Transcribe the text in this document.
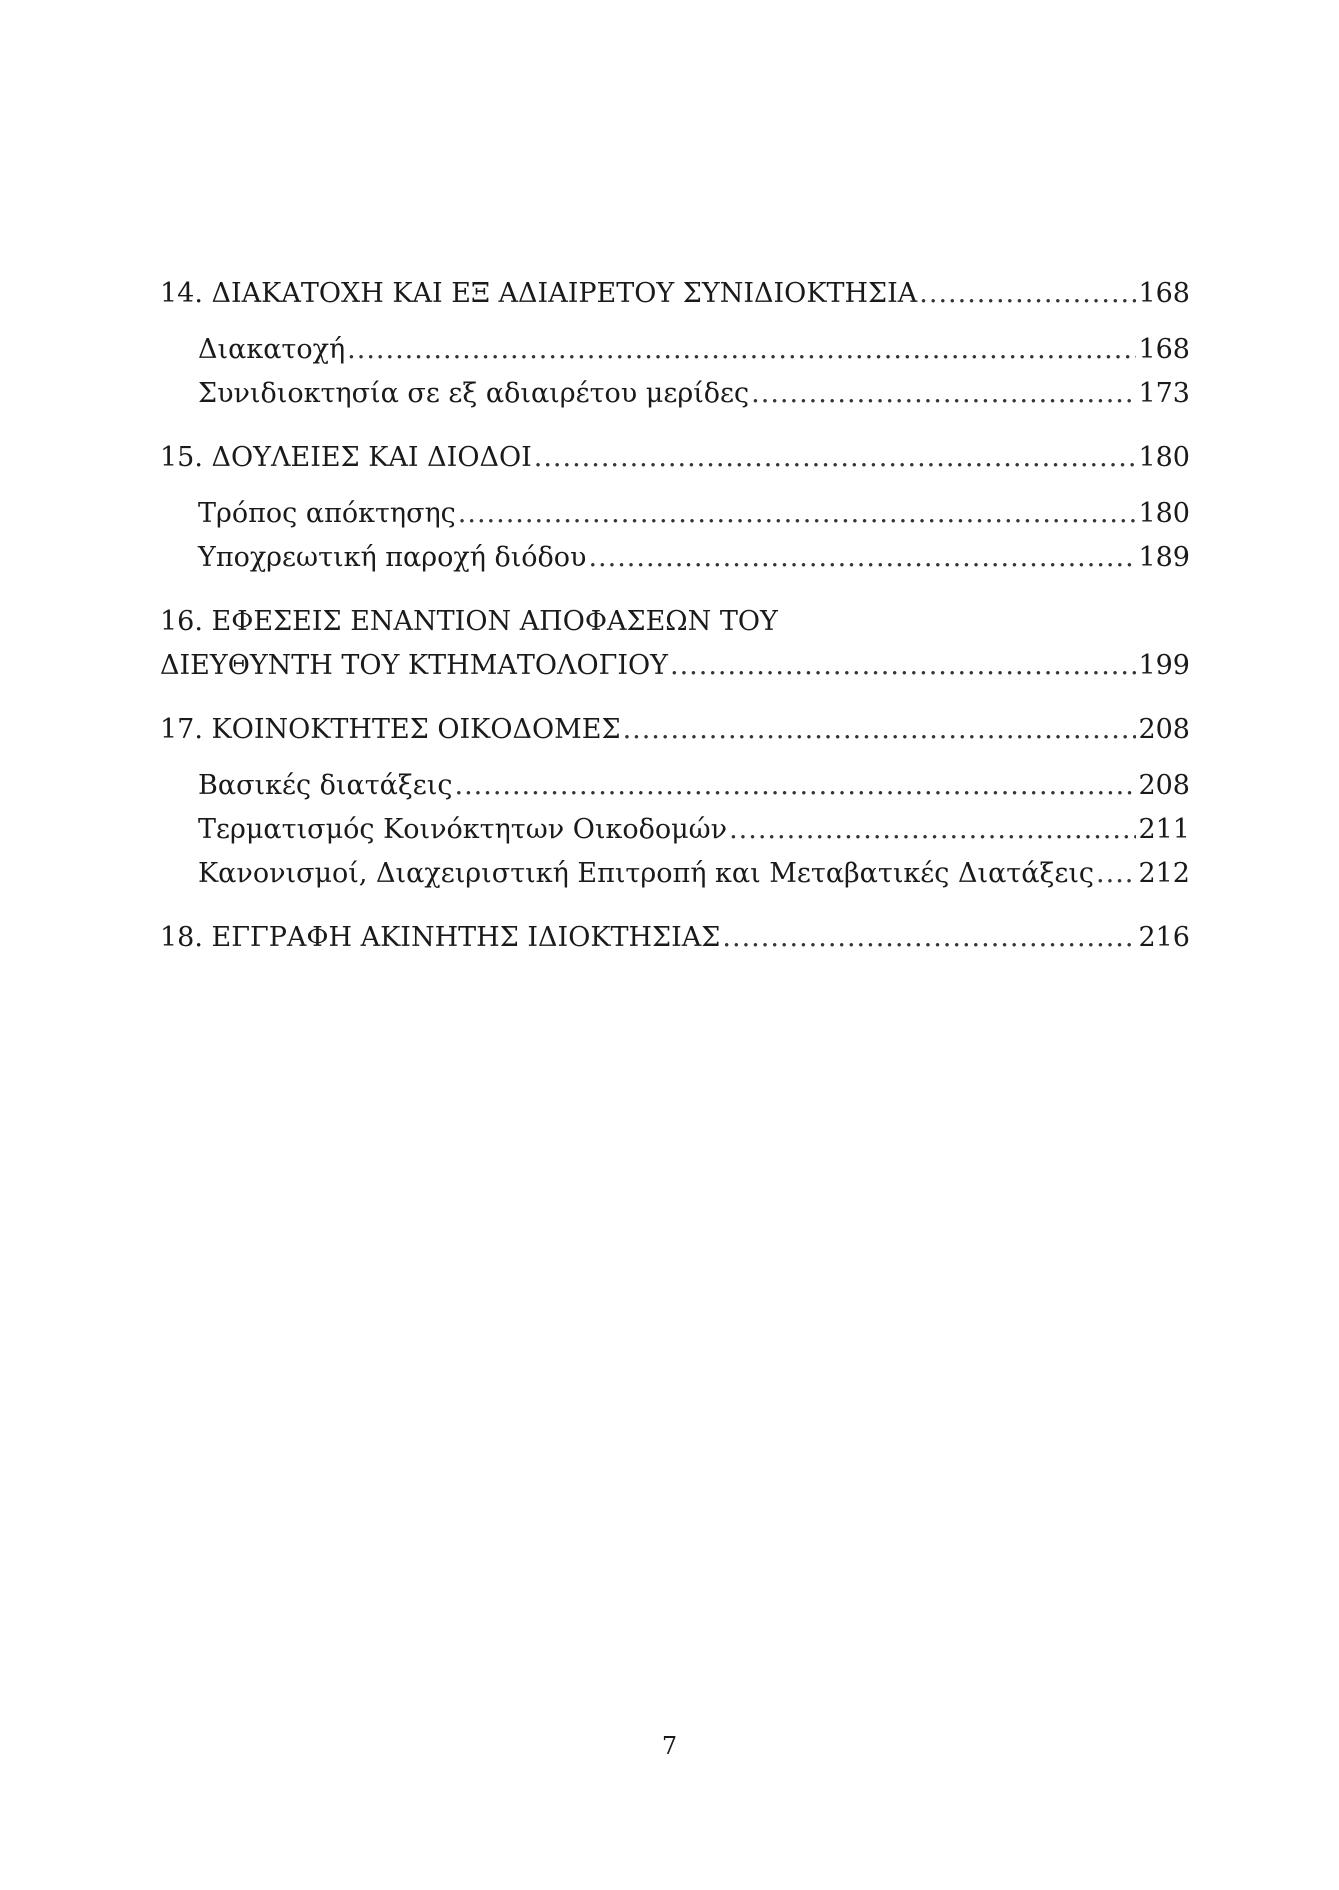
14. ΔΙΑΚΑΤΟΧΗ ΚΑΙ ΕΞ ΑΔΙΑΙΡΕΤΟΥ ΣΥΝΙΔΙΟΚΤΗΣΙΑ .....	168
Διακατοχή .....	168
Συνιδιοκτησία σε εξ αδιαιρέτου μερίδες .....	173
15. ΔΟΥΛΕΙΕΣ ΚΑΙ ΔΙΟΔΟΙ .....	180
Τρόπος απόκτησης .....	180
Υποχρεωτική παροχή διόδου .....	189
16. ΕΦΕΣΕΙΣ ΕΝΑΝΤΙΟΝ ΑΠΟΦΑΣΕΩΝ ΤΟΥ
ΔΙΕΥΘΥΝΤΗ ΤΟΥ ΚΤΗΜΑΤΟΛΟΓΙΟΥ .....	199
17. ΚΟΙΝΟΚΤΗΤΕΣ ΟΙΚΟΔΟΜΕΣ .....	208
Βασικές διατάξεις .....	208
Τερματισμός Κοινόκτητων Οικοδομών .....	211
Κανονισμοί, Διαχειριστική Επιτροπή και Μεταβατικές Διατάξεις ..... 212
18. ΕΓΓΡΑΦΗ ΑΚΙΝΗΤΗΣ ΙΔΙΟΚΤΗΣΙΑΣ .....	216
7
